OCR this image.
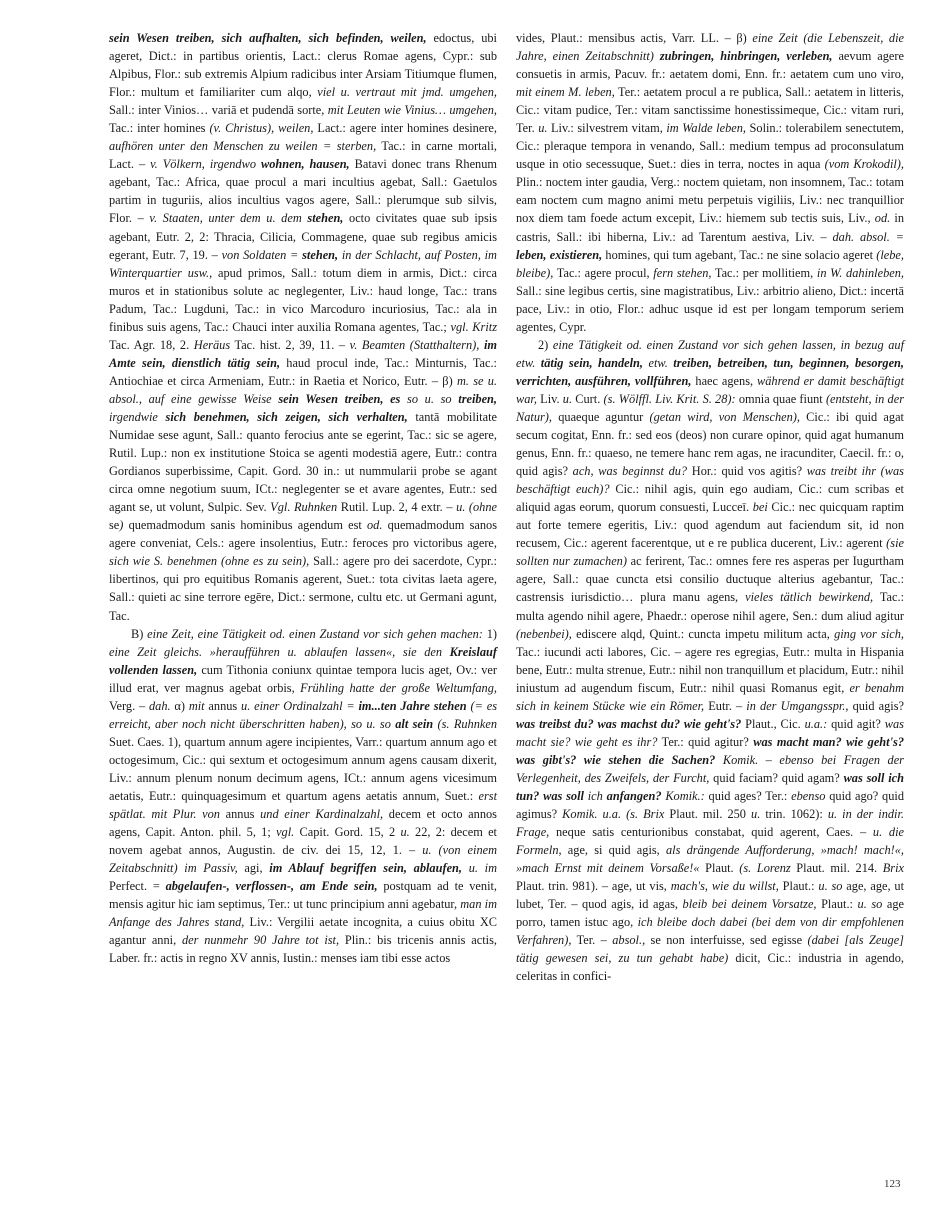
sein Wesen treiben, sich aufhalten, sich befinden, weilen, edoctus, ubi ageret, Dict.: in partibus orientis, Lact.: clerus Romae agens, Cypr.: sub Alpibus, Flor.: sub extremis Alpium radicibus inter Arsiam Titiumque flumen, Flor.: multum et familiariter cum alqo, viel u. vertraut mit jmd. umgehen, Sall.: inter Vinios… variā et pudendā sorte, mit Leuten wie Vinius… umgehen, Tac.: inter homines (v. Christus), weilen, Lact.: agere inter homines desinere, aufhören unter den Menschen zu weilen = sterben, Tac.: in carne mortali, Lact. – v. Völkern, irgendwo wohnen, hausen, Batavi donec trans Rhenum agebant, Tac.: Africa, quae procul a mari incultius agebat, Sall.: Gaetulos partim in tuguriis, alios incultius vagos agere, Sall.: plerumque sub silvis, Flor. – v. Staaten, unter dem u. dem stehen, octo civitates quae sub ipsis agebant, Eutr. 2, 2: Thracia, Cilicia, Commagene, quae sub regibus amicis egerant, Eutr. 7, 19. – von Soldaten = stehen, in der Schlacht, auf Posten, im Winterquartier usw., apud primos, Sall.: totum diem in armis, Dict.: circa muros et in stationibus solute ac neglegenter, Liv.: haud longe, Tac.: trans Padum, Tac.: Lugduni, Tac.: in vico Marcoduro incuriosius, Tac.: ala in finibus suis agens, Tac.: Chauci inter auxilia Romana agentes, Tac.; vgl. Kritz Tac. Agr. 18, 2. Heräus Tac. hist. 2, 39, 11. – v. Beamten (Statthaltern), im Amte sein, dienstlich tätig sein, haud procul inde, Tac.: Minturnis, Tac.: Antiochiae et circa Armeniam, Eutr.: in Raetia et Norico, Eutr. – β) m. se u. absol., auf eine gewisse Weise sein Wesen treiben, es so u. so treiben, irgendwie sich benehmen, sich zeigen, sich verhalten, tantā mobilitate Numidae sese agunt, Sall.: quanto ferocius ante se egerint, Tac.: sic se agere, Rutil. Lup.: non ex institutione Stoica se agenti modestiā agere, Eutr.: contra Gordianos superbissime, Capit. Gord. 30 in.: ut nummularii probe se agant circa omne negotium suum, ICt.: neglegenter se et avare agentes, Eutr.: sed agant se, ut volunt, Sulpic. Sev. Vgl. Ruhnken Rutil. Lup. 2, 4 extr. – u. (ohne se) quemadmodum sanis hominibus agendum est od. quemadmodum sanos agere conveniat, Cels.: agere insolentius, Eutr.: feroces pro victoribus agere, sich wie S. benehmen (ohne es zu sein), Sall.: agere pro dei sacerdote, Cypr.: libertinos, qui pro equitibus Romanis agerent, Suet.: tota civitas laeta agere, Sall.: quieti ac sine terrore egēre, Dict.: sermone, cultu etc. ut Germani agunt, Tac.

B) eine Zeit, eine Tätigkeit od. einen Zustand vor sich gehen machen: 1) eine Zeit gleichs. »heraufführen u. ablaufen lassen«, sie den Kreislauf vollenden lassen, cum Tithonia coniunx quintae tempora lucis aget, Ov.: ver illud erat, ver magnus agebat orbis, Frühling hatte der große Weltumfang, Verg. – dah. α) mit annus u. einer Ordinalzahl = im...ten Jahre stehen (= es erreicht, aber noch nicht überschritten haben), so u. so alt sein (s. Ruhnken Suet. Caes. 1), quartum annum agere incipientes, Varr.: quartum annum ago et octogesimum, Cic.: qui sextum et octogesimum annum agens causam dixerit, Liv.: annum plenum nonum decimum agens, ICt.: annum agens vicesimum aetatis, Eutr.: quinquagesimum et quartum agens aetatis annum, Suet.: erst spätlat. mit Plur. von annus und einer Kardinalzahl, decem et octo annos agens, Capit. Anton. phil. 5, 1; vgl. Capit. Gord. 15, 2 u. 22, 2: decem et novem agebat annos, Augustin. de civ. dei 15, 12, 1. – u. (von einem Zeitabschnitt) im Passiv, agi, im Ablauf begriffen sein, ablaufen, u. im Perfect. = abgelaufen-, verflossen-, am Ende sein, postquam ad te venit, mensis agitur hic iam septimus, Ter.: ut tunc principium anni agebatur, man im Anfange des Jahres stand, Liv.: Vergilii aetate incognita, a cuius obitu XC agantur anni, der nunmehr 90 Jahre tot ist, Plin.: bis tricenis annis actis, Laber. fr.: actis in regno XV annis, Iustin.: menses iam tibi esse actos

vides, Plaut.: mensibus actis, Varr. LL. – β) eine Zeit (die Lebenszeit, die Jahre, einen Zeitabschnitt) zubringen, hinbringen, verleben, aevum agere consuetis in armis, Pacuv. fr.: aetatem domi, Enn. fr.: aetatem cum uno viro, mit einem M. leben, Ter.: aetatem procul a re publica, Sall.: aetatem in litteris, Cic.: vitam pudice, Ter.: vitam sanctissime honestissimeque, Cic.: vitam ruri, Ter. u. Liv.: silvestrem vitam, im Walde leben, Solin.: tolerabilem senectutem, Cic.: pleraque tempora in venando, Sall.: medium tempus ad proconsulatum usque in otio secessuque, Suet.: dies in terra, noctes in aqua (vom Krokodil), Plin.: noctem inter gaudia, Verg.: noctem quietam, non insomnem, Tac.: totam eam noctem cum magno animi metu perpetuis vigiliis, Liv.: nec tranquillior nox diem tam foede actum excepit, Liv.: hiemem sub tectis suis, Liv., od. in castris, Sall.: ibi hiberna, Liv.: ad Tarentum aestiva, Liv. – dah. absol. = leben, existieren, homines, qui tum agebant, Tac.: ne sine solacio ageret (lebe, bleibe), Tac.: agere procul, fern stehen, Tac.: per mollitiem, in W. dahinleben, Sall.: sine legibus certis, sine magistratibus, Liv.: arbitrio alieno, Dict.: incertā pace, Liv.: in otio, Flor.: adhuc usque id est per longam temporum seriem agentes, Cypr.

2) eine Tätigkeit od. einen Zustand vor sich gehen lassen, in bezug auf etw. tätig sein, handeln, etw. treiben, betreiben, tun, beginnen, besorgen, verrichten, ausführen, vollführen, haec agens, während er damit beschäftigt war, Liv. u. Curt. (s. Wölffl. Liv. Krit. S. 28): omnia quae fiunt (entsteht, in der Natur), quaeque aguntur (getan wird, von Menschen), Cic.: ibi quid agat secum cogitat, Enn. fr.: sed eos (deos) non curare opinor, quid agat humanum genus, Enn. fr.: quaeso, ne temere hanc rem agas, ne iracunditer, Caecil. fr.: o, quid agis? ach, was beginnst du? Hor.: quid vos agitis? was treibt ihr (was beschäftigt euch)? Cic.: nihil agis, quin ego audiam, Cic.: cum scribas et aliquid agas eorum, quorum consuesti, Lucceī. bei Cic.: nec quicquam raptim aut forte temere egeritis, Liv.: quod agendum aut faciendum sit, id non recusem, Cic.: agerent facerentque, ut e re publica ducerent, Liv.: agerent (sie sollten nur zumachen) ac ferirent, Tac.: omnes fere res asperas per Iugurtham agere, Sall.: quae cuncta etsi consilio ductuque alterius agebantur, Tac.: castrensis iurisdictio… plura manu agens, vieles tätlich bewirkend, Tac.: multa agendo nihil agere, Phaedr.: operose nihil agere, Sen.: dum aliud agitur (nebenbei), ediscere alqd, Quint.: cuncta impetu militum acta, ging vor sich, Tac.: iucundi acti labores, Cic. – agere res egregias, Eutr.: multa in Hispania bene, Eutr.: multa strenue, Eutr.: nihil non tranquillum et placidum, Eutr.: nihil iniustum ad augendum fiscum, Eutr.: nihil quasi Romanus egit, er benahm sich in keinem Stücke wie ein Römer, Eutr. – in der Umgangsspr., quid agis? was treibst du? was machst du? wie geht's? Plaut., Cic. u.a.: quid agit? was macht sie? wie geht es ihr? Ter.: quid agitur? was macht man? wie geht's? was gibt's? wie stehen die Sachen? Komik. – ebenso bei Fragen der Verlegenheit, des Zweifels, der Furcht, quid faciam? quid agam? was soll ich tun? was soll ich anfangen? Komik.: quid ages? Ter.: ebenso quid ago? quid agimus? Komik. u.a. (s. Brix Plaut. mil. 250 u. trin. 1062): u. in der indir. Frage, neque satis centurionibus constabat, quid agerent, Caes. – u. die Formeln, age, si quid agis, als drängende Aufforderung, »mach! mach!«, »mach Ernst mit deinem Vorsaße!« Plaut. (s. Lorenz Plaut. mil. 214. Brix Plaut. trin. 981). – age, ut vis, mach's, wie du willst, Plaut.: u. so age, age, ut lubet, Ter. – quod agis, id agas, bleib bei deinem Vorsatze, Plaut.: u. so age porro, tamen istuc ago, ich bleibe doch dabei (bei dem von dir empfohlenen Verfahren), Ter. – absol., se non interfuisse, sed egisse (dabei [als Zeuge] tätig gewesen sei, zu tun gehabt habe) dicit, Cic.: industria in agendo, celeritas in confici-

123
